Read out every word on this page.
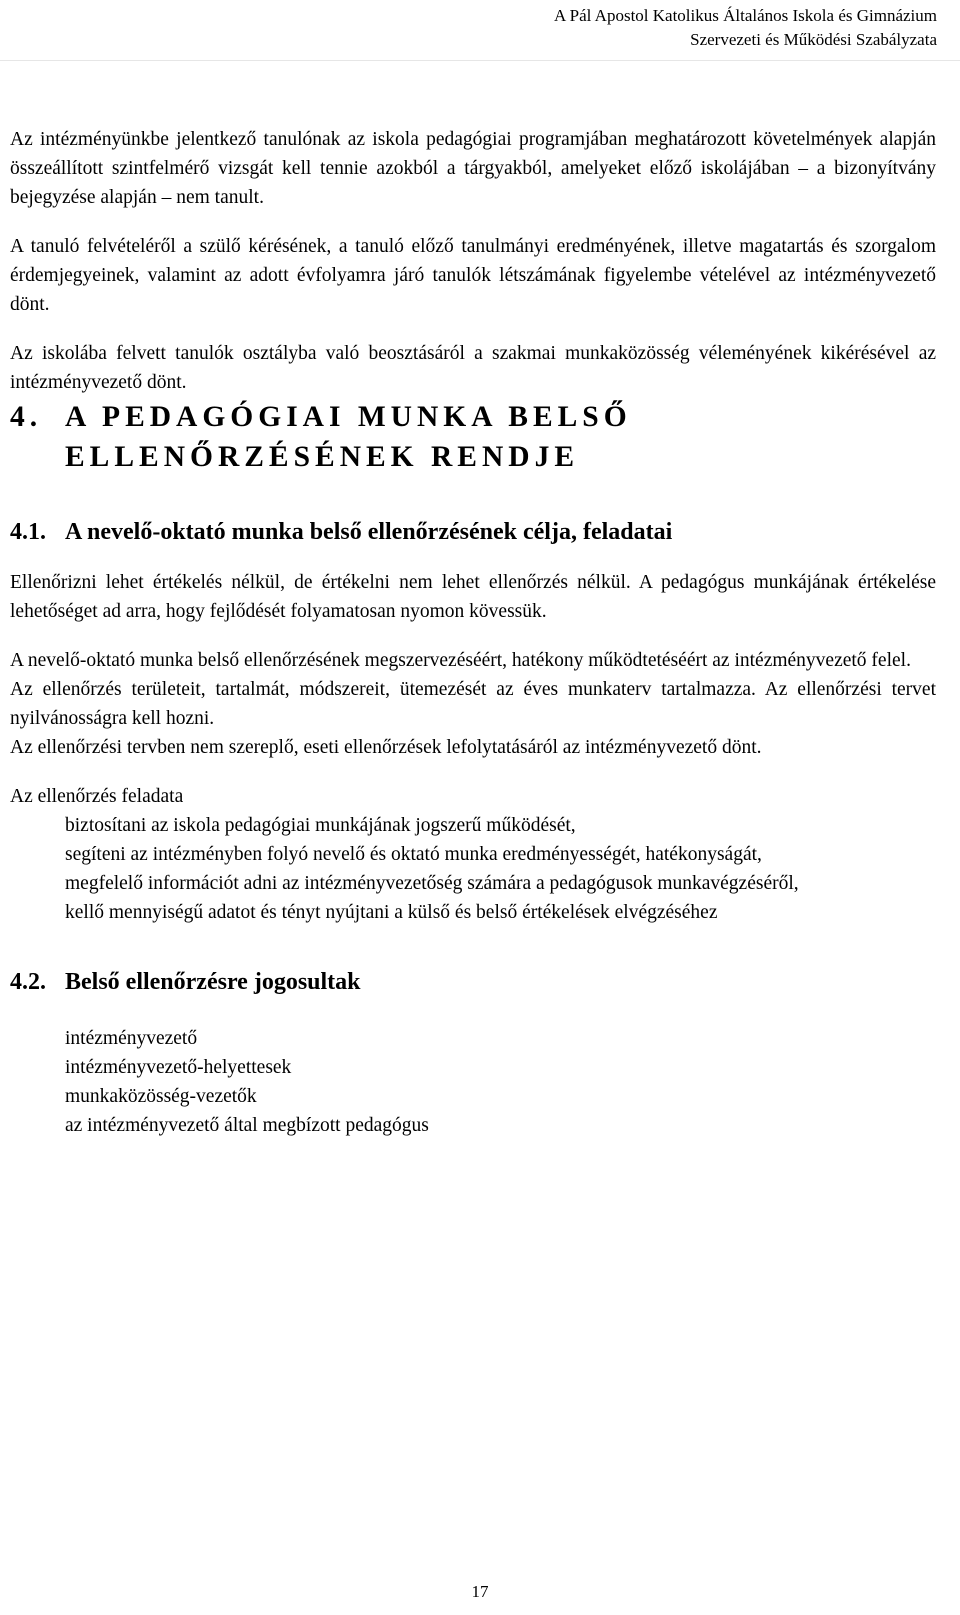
A Pál Apostol Katolikus Általános Iskola és Gimnázium
Szervezeti és Működési Szabályzata

Az intézményünkbe jelentkező tanulónak az iskola pedagógiai programjában meghatározott követelmények alapján összeállított szintfelmérő vizsgát kell tennie azokból a tárgyakból, amelyeket előző iskolájában – a bizonyítvány bejegyzése alapján – nem tanult.

A tanuló felvételéről a szülő kérésének, a tanuló előző tanulmányi eredményének, illetve magatartás és szorgalom érdemjegyeinek, valamint az adott évfolyamra járó tanulók létszámának figyelembe vételével az intézményvezető dönt.

Az iskolába felvett tanulók osztályba való beosztásáról a szakmai munkaközösség véleményének kikérésével az intézményvezető dönt.

4. A PEDAGÓGIAI MUNKA BELSŐ
ELLENŐRZÉSÉNEK RENDJE
4.1. A nevelő-oktató munka belső ellenőrzésének célja, feladatai

Ellenőrizni lehet értékelés nélkül, de értékelni nem lehet ellenőrzés nélkül. A pedagógus munkájának értékelése lehetőséget ad arra, hogy fejlődését folyamatosan nyomon kövessük.

A nevelő-oktató munka belső ellenőrzésének megszervezéséért, hatékony működtetéséért az intézményvezető felel.

Az ellenőrzés területeit, tartalmát, módszereit, ütemezését az éves munkaterv tartalmazza. Az ellenőrzési tervet nyilvánosságra kell hozni.

Az ellenőrzési tervben nem szereplő, eseti ellenőrzések lefolytatásáról az intézményvezető dönt.

Az ellenőrzés feladata

biztosítani az iskola pedagógiai munkájának jogszerű működését,
segíteni az intézményben folyó nevelő és oktató munka eredményességét, hatékonyságát,
megfelelő információt adni az intézményvezetőség számára a pedagógusok munkavégzéséről,
kellő mennyiségű adatot és tényt nyújtani a külső és belső értékelések elvégzéséhez
4.2. Belső ellenőrzésre jogosultak
intézményvezető
intézményvezető-helyettesek
munkaközösség-vezetők
az intézményvezető által megbízott pedagógus
17
